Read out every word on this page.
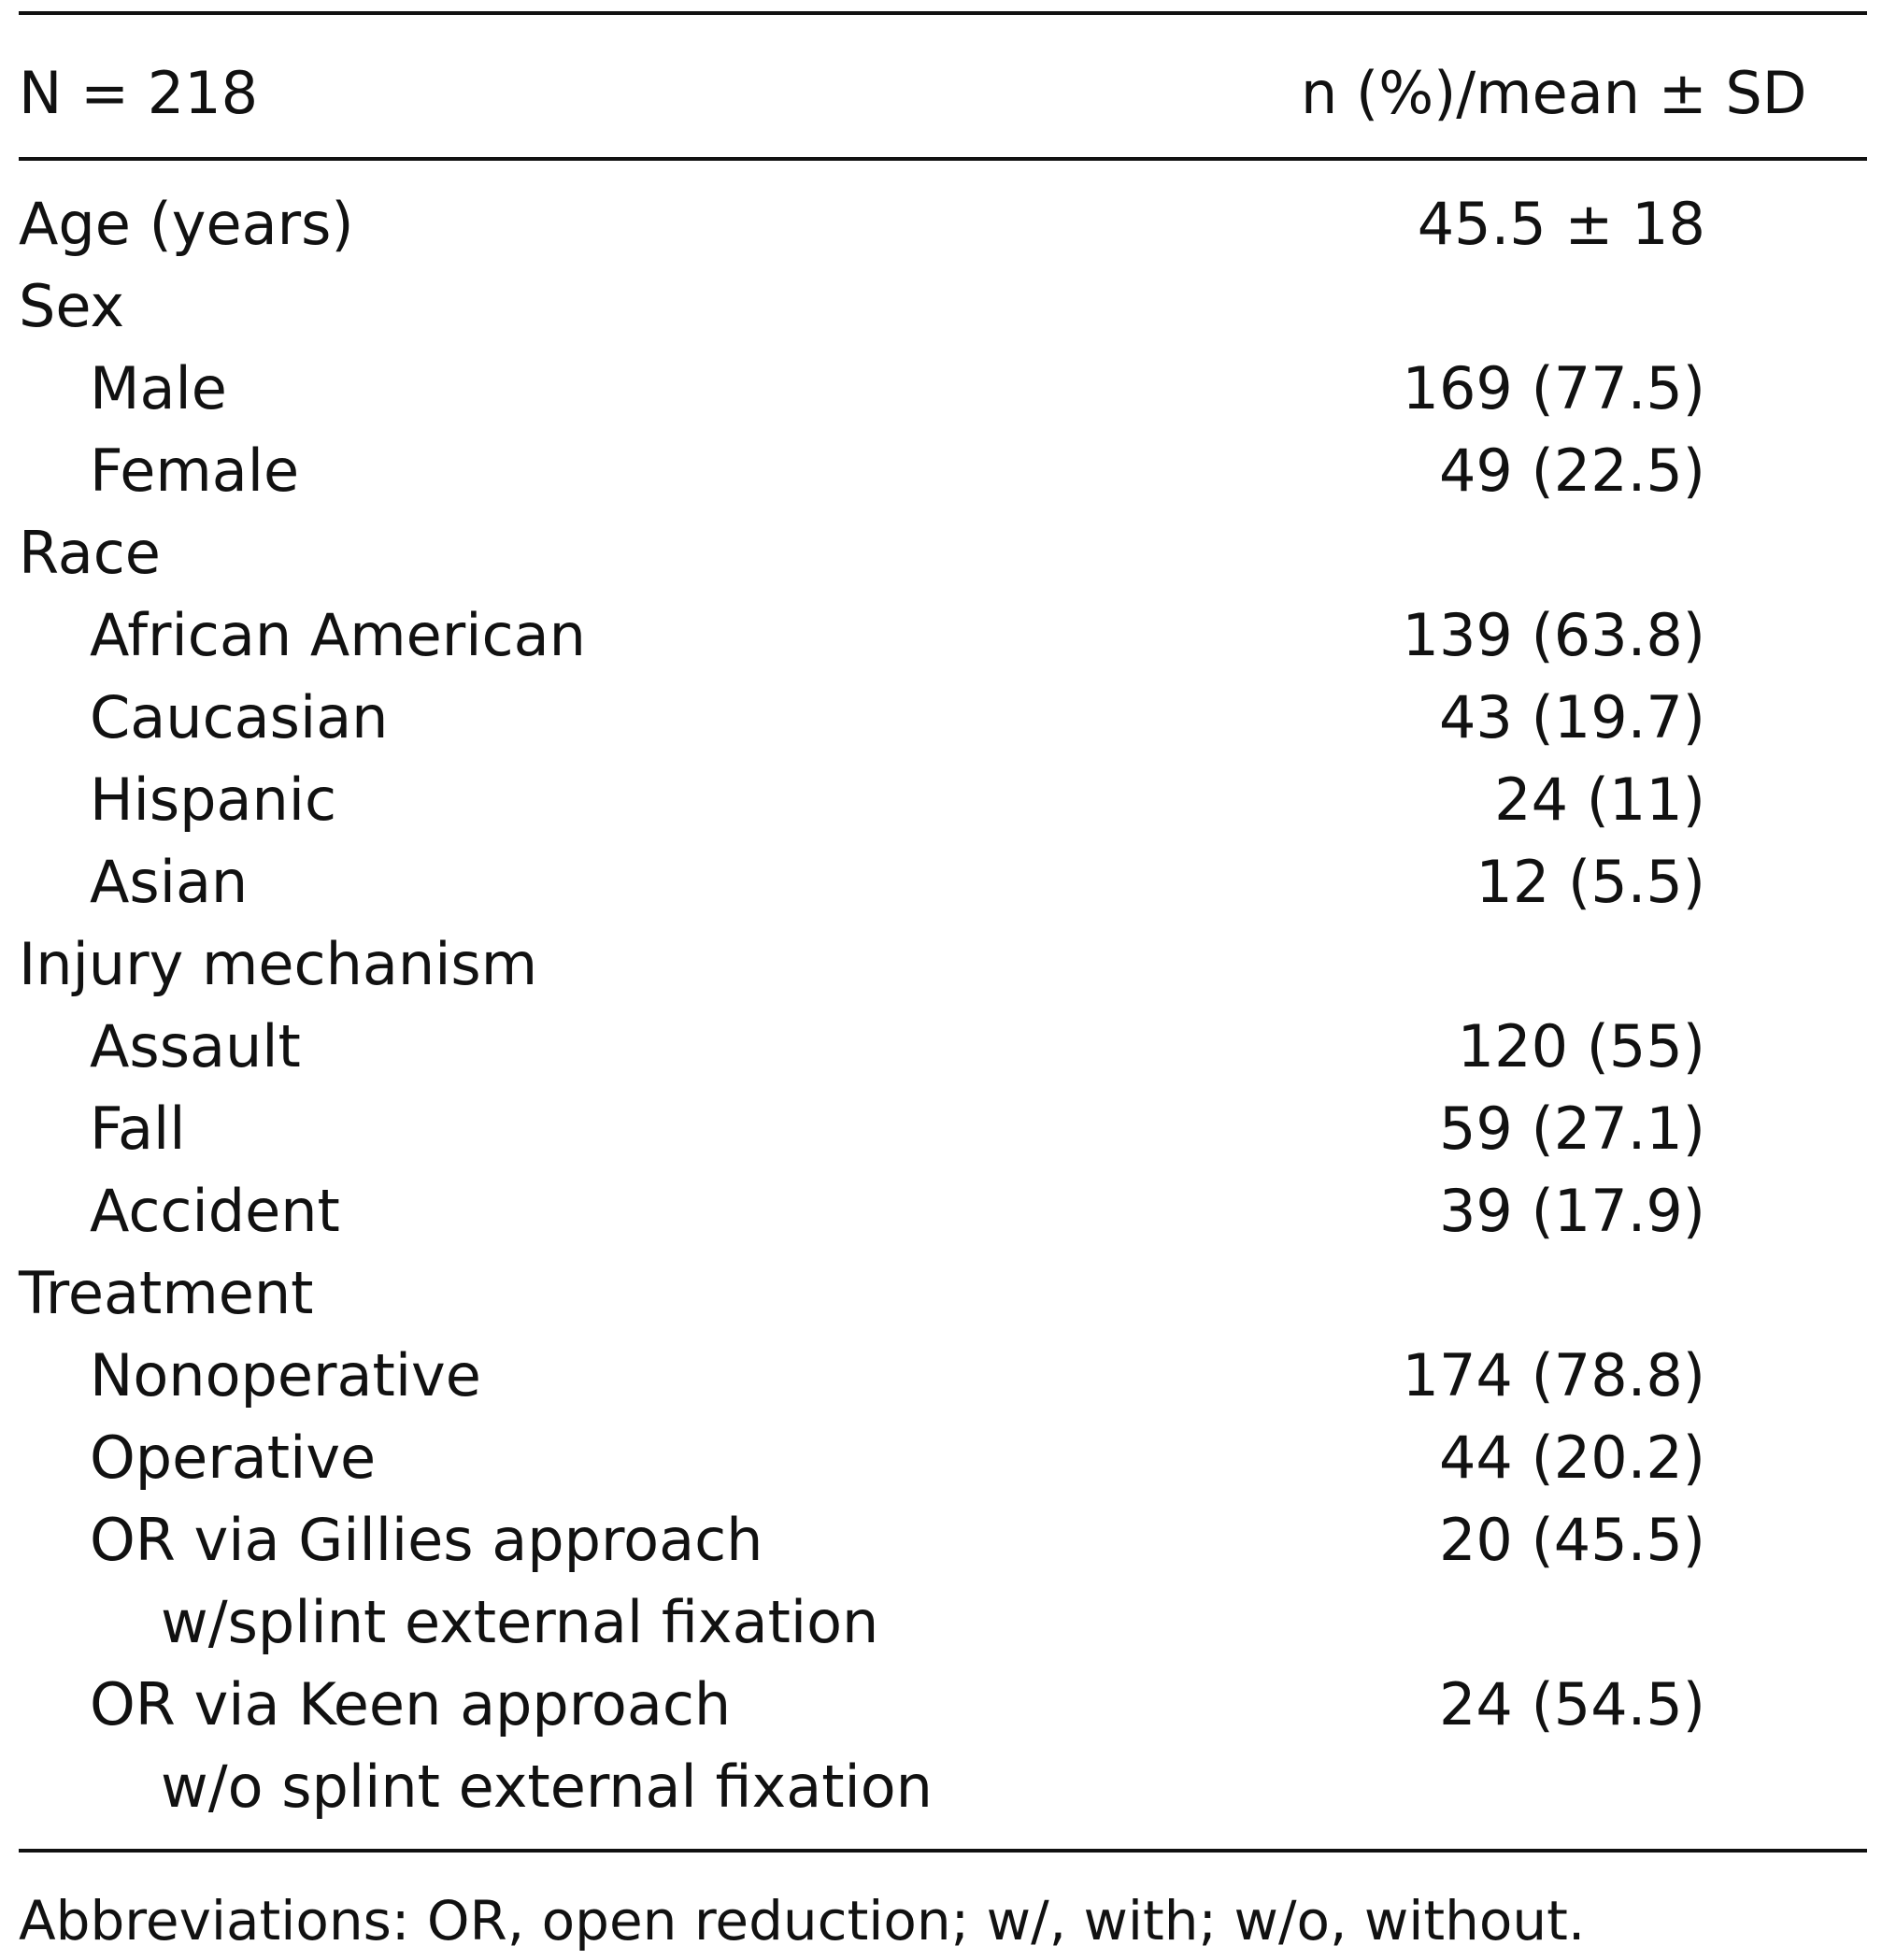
N = 218	n (%)/mean ± SD
Age (years)	45.5 ± 18
Sex
Male	169 (77.5)
Female	49 (22.5)
Race
African American	139 (63.8)
Caucasian	43 (19.7)
Hispanic	24 (11)
Asian	12 (5.5)
Injury mechanism
Assault	120 (55)
Fall	59 (27.1)
Accident	39 (17.9)
Treatment
Nonoperative	174 (78.8)
Operative	44 (20.2)
OR via Gillies approach	20 (45.5)
w/splint external fixation
OR via Keen approach	24 (54.5)
w/o splint external fixation
Abbreviations: OR, open reduction; w/, with; w/o, without.
